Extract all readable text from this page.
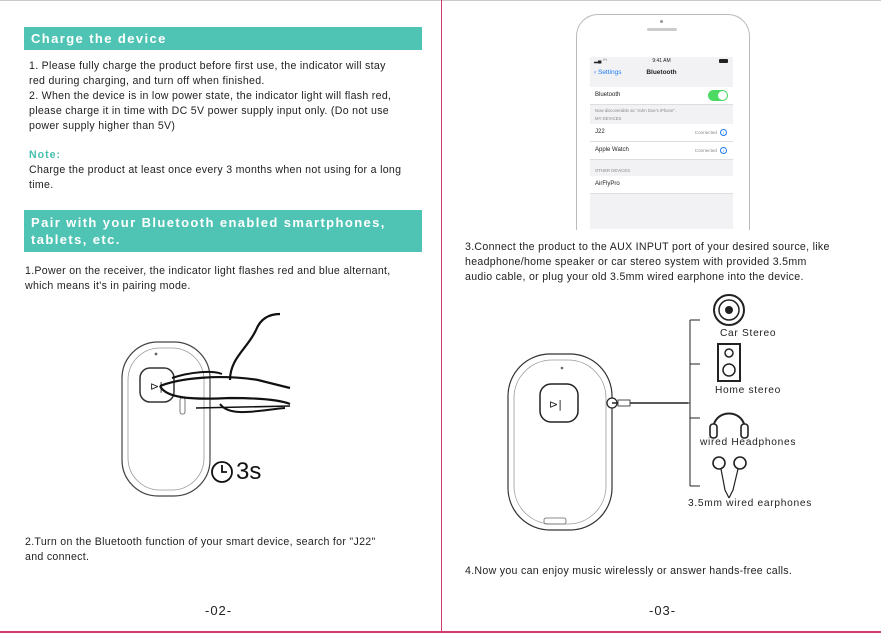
Charge the device
1. Please fully charge the product before first use, the indicator will stay
red during charging, and turn off when finished.
2. When the device is in low power state, the indicator light will flash red,
please charge it in time with DC 5V power supply input only. (Do not use
power supply higher than 5V)
Note:
Charge the product at least once every 3 months when not using for a long
time.
Pair with your Bluetooth enabled smartphones,
tablets, etc.
1.Power on the receiver, the indicator light flashes red and blue alternant,
which means it's in pairing mode.
⊳|
3s
2.Turn on the Bluetooth function of your smart device, search for "J22"
and connect.
-02-
▂▄ ◠	9:41 AM
‹ Settings	Bluetooth
Bluetooth
Now discoverable as "John Doe's iPhone".
MY DEVICES
J22	Connected i
Apple Watch	Connected i
OTHER DEVICES
AirFlyPro
3.Connect the product to the AUX INPUT port of your desired source, like
headphone/home speaker or car stereo system with provided 3.5mm
audio cable, or plug your old 3.5mm wired earphone into the device.
⊳|
Car Stereo
Home stereo
wired Headphones
3.5mm wired earphones
4.Now you can enjoy music wirelessly or answer hands-free calls.
-03-
